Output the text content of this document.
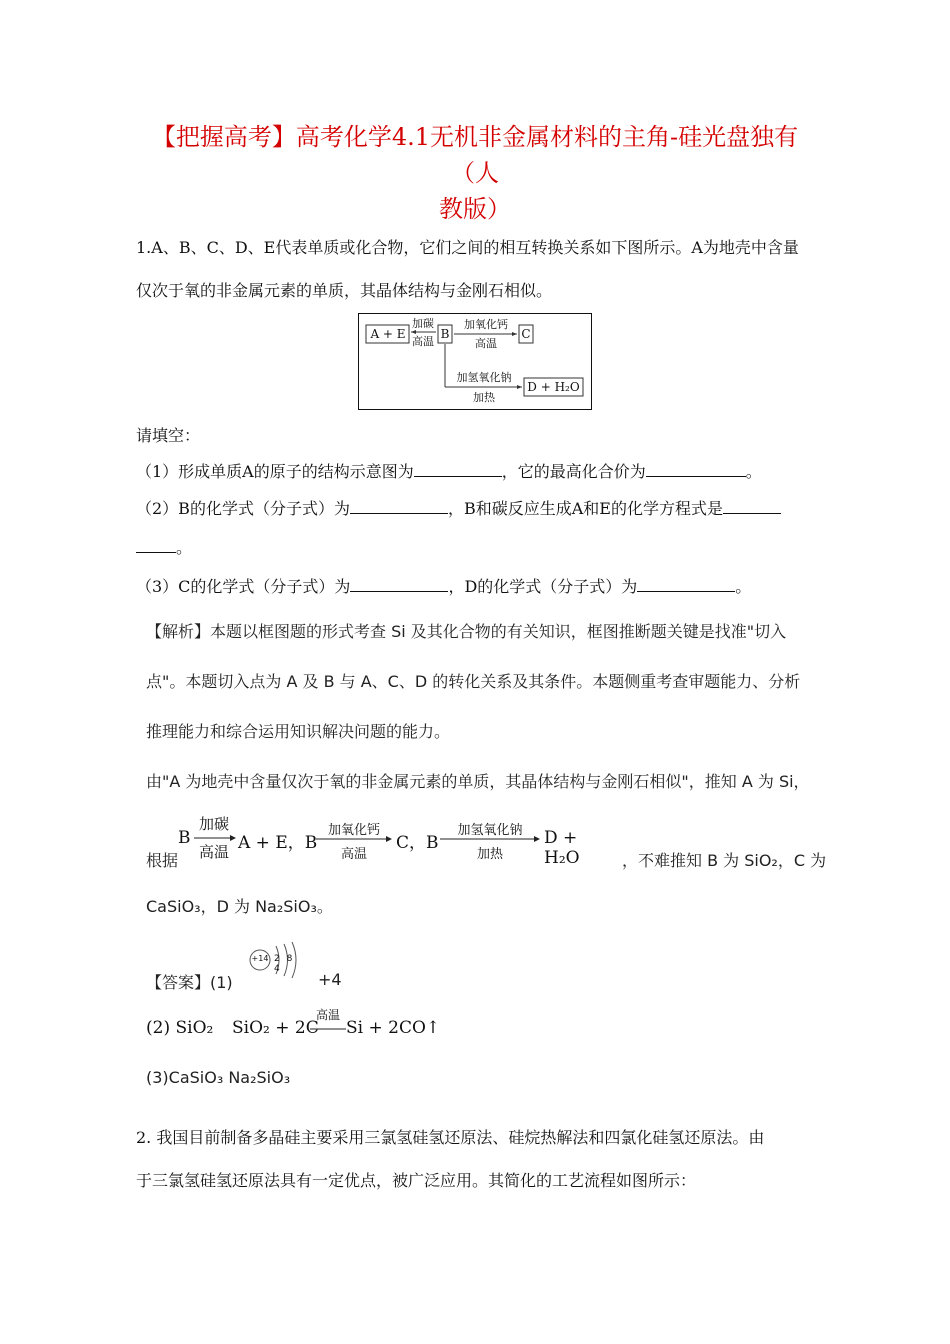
【把握高考】高考化学4.1无机非金属材料的主角-硅光盘独有（人
教版）
1.A、B、C、D、E代表单质或化合物，它们之间的相互转换关系如下图所示。A为地壳中含量
仅次于氧的非金属元素的单质，其晶体结构与金刚石相似。
A + E	B	C
D + H₂O
加碳
高温
加氧化钙
高温
加氢氧化钠
加热
请填空：
（1）形成单质A的原子的结构示意图为	，它的最高化合价为	。
（2）B的化学式（分子式）为	，B和碳反应生成A和E的化学方程式是
。
（3）C的化学式（分子式）为	，D的化学式（分子式）为	。
【解析】本题以框图题的形式考查 Si 及其化合物的有关知识，框图推断题关键是找准"切入
点"。本题切入点为 A 及 B 与 A、C、D 的转化关系及其条件。本题侧重考查审题能力、分析
推理能力和综合运用知识解决问题的能力。
由"A 为地壳中含量仅次于氧的非金属元素的单质，其晶体结构与金刚石相似"，推知 A 为 Si，
根据
B
加碳
高温 A + E，B
加氧化钙
高温
C，B
加氢氧化钠
加热
D + H₂O	，不难推知 B 为 SiO₂，C 为
CaSiO₃，D 为 Na₂SiO₃。
【答案】(1)
+14 2 8 4
+4
(2) SiO₂ SiO₂ + 2C
高温
Si + 2CO↑
(3)CaSiO₃ Na₂SiO₃
2. 我国目前制备多晶硅主要采用三氯氢硅氢还原法、硅烷热解法和四氯化硅氢还原法。由
于三氯氢硅氢还原法具有一定优点，被广泛应用。其简化的工艺流程如图所示：
